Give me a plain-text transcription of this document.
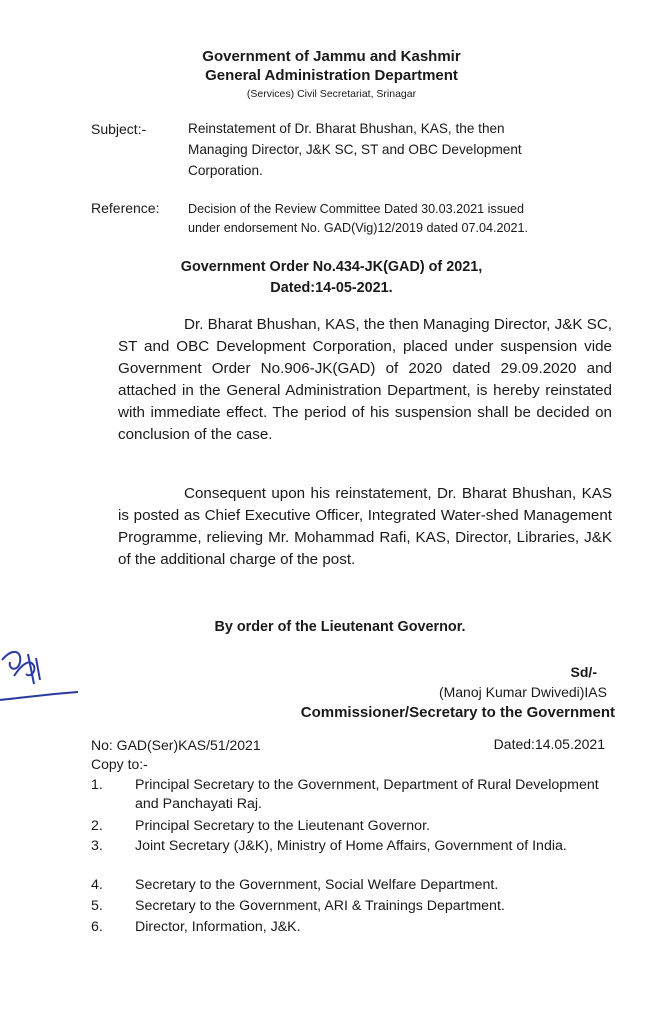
Government of Jammu and Kashmir
General Administration Department
(Services) Civil Secretariat, Srinagar
Subject:-	Reinstatement of Dr. Bharat Bhushan, KAS, the then
Managing Director, J&K SC, ST and OBC Development
Corporation.
Reference: Decision of the Review Committee Dated 30.03.2021 issued
under endorsement No. GAD(Vig)12/2019 dated 07.04.2021.
Government Order No.434-JK(GAD) of 2021,
Dated:14-05-2021.
Dr. Bharat Bhushan, KAS, the then Managing Director, J&K SC, ST and OBC Development Corporation, placed under suspension vide Government Order No.906-JK(GAD) of 2020 dated 29.09.2020 and attached in the General Administration Department, is hereby reinstated with immediate effect. The period of his suspension shall be decided on conclusion of the case.
Consequent upon his reinstatement, Dr. Bharat Bhushan, KAS is posted as Chief Executive Officer, Integrated Water-shed Management Programme, relieving Mr. Mohammad Rafi, KAS, Director, Libraries, J&K of the additional charge of the post.
By order of the Lieutenant Governor.
Sd/-
(Manoj Kumar Dwivedi)IAS
Commissioner/Secretary to the Government
No: GAD(Ser)KAS/51/2021	Dated:14.05.2021
Copy to:-
1.	Principal Secretary to the Government, Department of Rural Development and Panchayati Raj.
2.	Principal Secretary to the Lieutenant Governor.
3.	Joint Secretary (J&K), Ministry of Home Affairs, Government of India.
4.	Secretary to the Government, Social Welfare Department.
5.	Secretary to the Government, ARI & Trainings Department.
6.	Director, Information, J&K.
